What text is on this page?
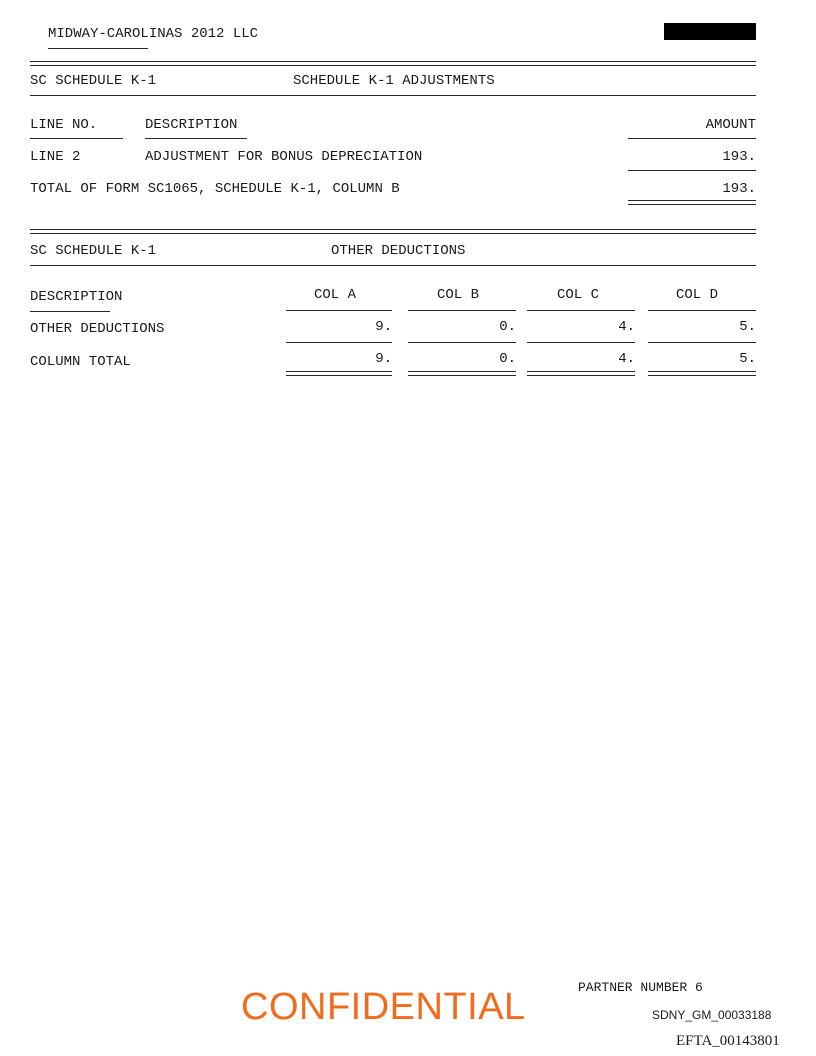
MIDWAY-CAROLINAS 2012 LLC
SC SCHEDULE K-1	SCHEDULE K-1 ADJUSTMENTS
LINE NO.	DESCRIPTION	AMOUNT
LINE 2	ADJUSTMENT FOR BONUS DEPRECIATION	193.
TOTAL OF FORM SC1065, SCHEDULE K-1, COLUMN B	193.
SC SCHEDULE K-1	OTHER DEDUCTIONS
DESCRIPTION	COL A	COL B	COL C	COL D
OTHER DEDUCTIONS	9.	0.	4.	5.
COLUMN TOTAL	9.	0.	4.	5.
CONFIDENTIAL	PARTNER NUMBER 6
SDNY_GM_00033188
EFTA_00143801
